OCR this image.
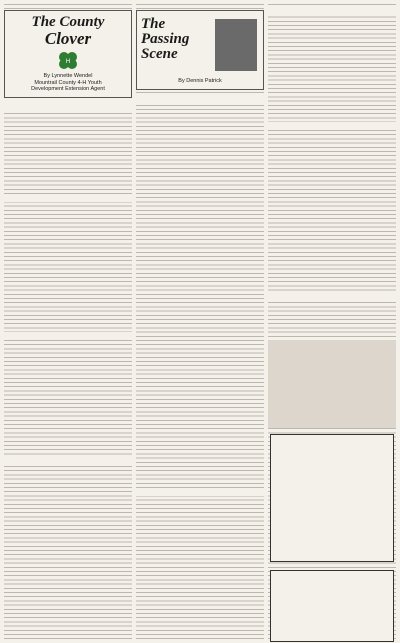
The County
Clover
H
By Lynnette Wendel
Mountrail County 4-H Youth
Development Extension Agent
The Passing Scene
By Dennis Patrick
